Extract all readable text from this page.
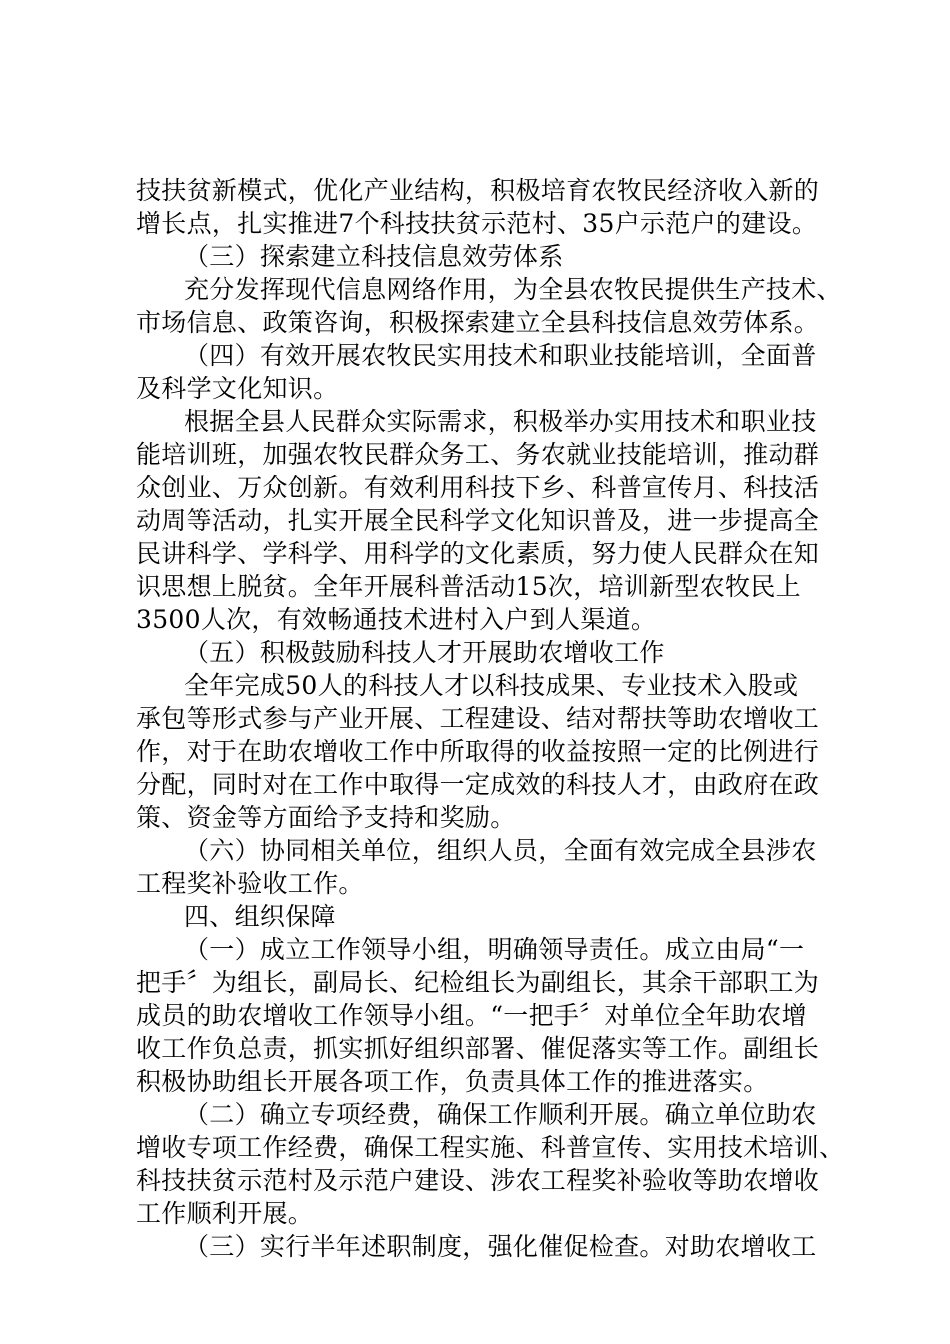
技扶贫新模式，优化产业结构，积极培育农牧民经济收入新的
增长点，扎实推进7个科技扶贫示范村、35户示范户的建设。
（三）探索建立科技信息效劳体系
充分发挥现代信息网络作用，为全县农牧民提供生产技术、
市场信息、政策咨询，积极探索建立全县科技信息效劳体系。
（四）有效开展农牧民实用技术和职业技能培训，全面普
及科学文化知识。
根据全县人民群众实际需求，积极举办实用技术和职业技
能培训班，加强农牧民群众务工、务农就业技能培训，推动群
众创业、万众创新。有效利用科技下乡、科普宣传月、科技活
动周等活动，扎实开展全民科学文化知识普及，进一步提高全
民讲科学、学科学、用科学的文化素质，努力使人民群众在知
识思想上脱贫。全年开展科普活动15次，培训新型农牧民上
3500人次，有效畅通技术进村入户到人渠道。
（五）积极鼓励科技人才开展助农增收工作
全年完成50人的科技人才以科技成果、专业技术入股或
承包等形式参与产业开展、工程建设、结对帮扶等助农增收工
作，对于在助农增收工作中所取得的收益按照一定的比例进行
分配，同时对在工作中取得一定成效的科技人才，由政府在政
策、资金等方面给予支持和奖励。
（六）协同相关单位，组织人员，全面有效完成全县涉农
工程奖补验收工作。
四、组织保障
（一）成立工作领导小组，明确领导责任。成立由局“一
把手〞为组长，副局长、纪检组长为副组长，其余干部职工为
成员的助农增收工作领导小组。“一把手〞对单位全年助农增
收工作负总责，抓实抓好组织部署、催促落实等工作。副组长
积极协助组长开展各项工作，负责具体工作的推进落实。
（二）确立专项经费，确保工作顺利开展。确立单位助农
增收专项工作经费，确保工程实施、科普宣传、实用技术培训、
科技扶贫示范村及示范户建设、涉农工程奖补验收等助农增收
工作顺利开展。
（三）实行半年述职制度，强化催促检查。对助农增收工
